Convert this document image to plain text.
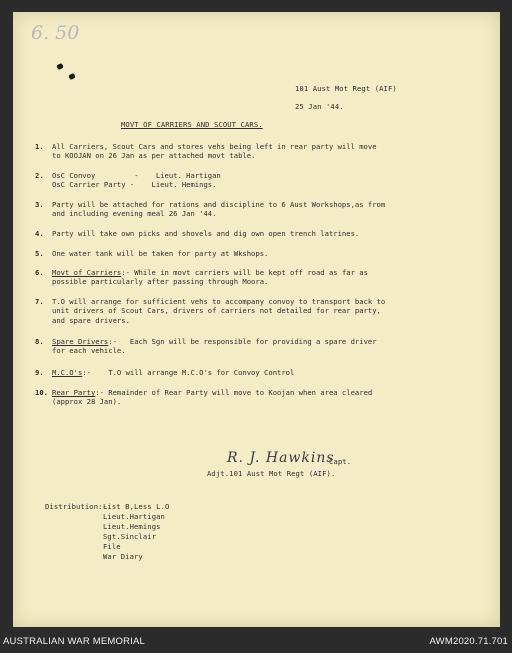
6. 50
101 Aust Mot Regt (AIF)
25 Jan '44.
MOVT OF CARRIERS AND SCOUT CARS.
1.	All Carriers, Scout Cars and stores vehs being left in rear party will move
to KOOJAN on 26 Jan as per attached movt table.
2.	OsC Convoy         -    Lieut. Hartigan
OsC Carrier Party -    Lieut. Hemings.
3.	Party will be attached for rations and discipline to 6 Aust Workshops,as from
and including evening meal 26 Jan '44.
4.	Party will take own picks and shovels and dig own open trench latrines.
5.	One water tank will be taken for party at Wkshops.
6.	Movt of Carriers:- While in movt carriers will be kept off road as far as
possible particularly after passing through Moora.
7.	T.O will arrange for sufficient vehs to accompany convoy to transport back to
unit drivers of Scout Cars, drivers of carriers not detailed for rear party,
and spare drivers.
8.	Spare Drivers:-   Each Sgn will be responsible for providing a spare driver
for each vehicle.
9.	M.C.O's:-    T.O will arrange M.C.O's for Convoy Control
10. Rear Party:- Remainder of Rear Party will move to Koojan when area cleared
(approx 28 Jan).
R. J. Hawkins
Capt.
Adjt.101 Aust Mot Regt (AIF).
Distribution:-
List B,Less L.O
Lieut.Hartigan
Lieut.Hemings
Sgt.Sinclair
File
War Diary
AUSTRALIAN WAR MEMORIAL	AWM2020.71.701
